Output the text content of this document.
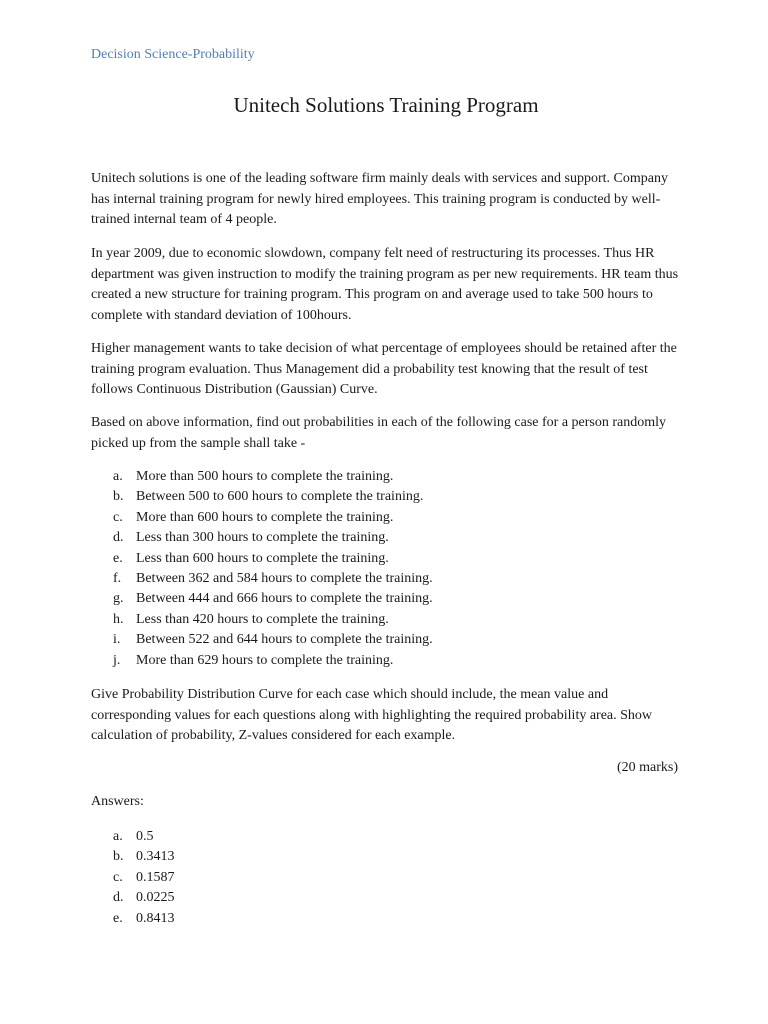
Decision Science-Probability
Unitech Solutions Training Program

Unitech solutions is one of the leading software firm mainly deals with services and support. Company has internal training program for newly hired employees. This training program is conducted by well-trained internal team of 4 people.

In year 2009, due to economic slowdown, company felt need of restructuring its processes. Thus HR department was given instruction to modify the training program as per new requirements. HR team thus created a new structure for training program. This program on and average used to take 500 hours to complete with standard deviation of 100hours.

Higher management wants to take decision of what percentage of employees should be retained after the training program evaluation. Thus Management did a probability test knowing that the result of test follows Continuous Distribution (Gaussian) Curve.

Based on above information, find out probabilities in each of the following case for a person randomly picked up from the sample shall take -

a. More than 500 hours to complete the training.
b. Between 500 to 600 hours to complete the training.
c. More than 600 hours to complete the training.
d. Less than 300 hours to complete the training.
e. Less than 600 hours to complete the training.
f. Between 362 and 584 hours to complete the training.
g. Between 444 and 666 hours to complete the training.
h. Less than 420 hours to complete the training.
i. Between 522 and 644 hours to complete the training.
j. More than 629 hours to complete the training.

Give Probability Distribution Curve for each case which should include, the mean value and corresponding values for each questions along with highlighting the required probability area. Show calculation of probability, Z-values considered for each example.

(20 marks)
Answers:
a. 0.5
b. 0.3413
c. 0.1587
d. 0.0225
e. 0.8413
